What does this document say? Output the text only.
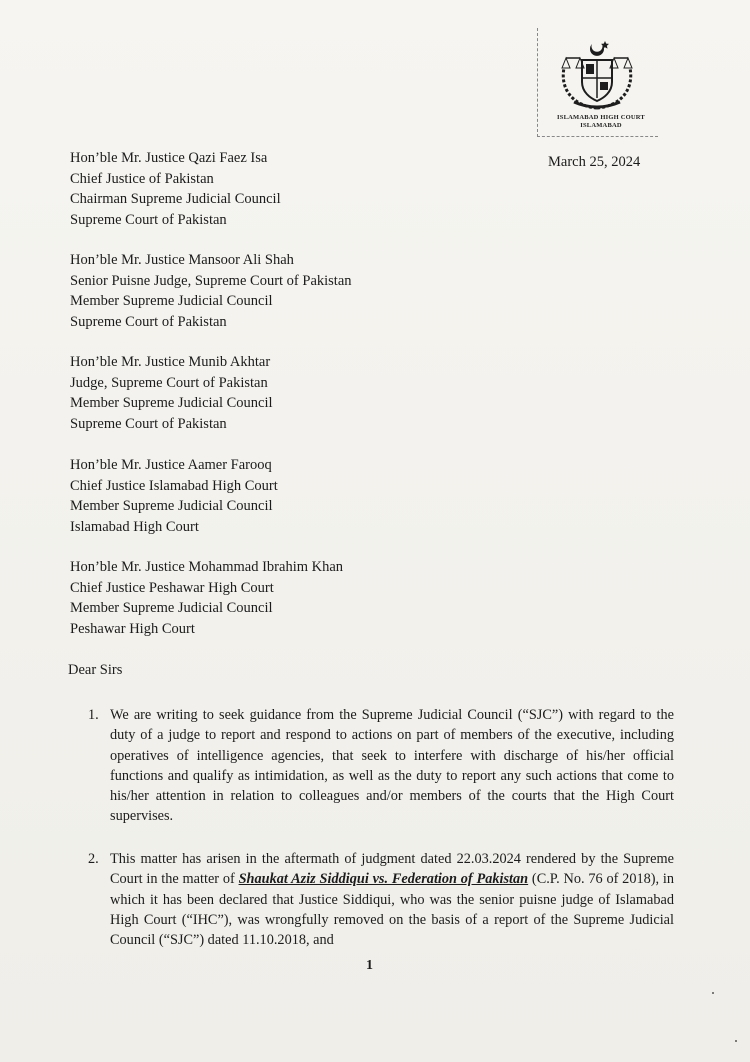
ISLAMABAD HIGH COURT
ISLAMABAD
March 25, 2024
Hon’ble Mr. Justice Qazi Faez Isa
Chief Justice of Pakistan
Chairman Supreme Judicial Council
Supreme Court of Pakistan
Hon’ble Mr. Justice Mansoor Ali Shah
Senior Puisne Judge, Supreme Court of Pakistan
Member Supreme Judicial Council
Supreme Court of Pakistan
Hon’ble Mr. Justice Munib Akhtar
Judge, Supreme Court of Pakistan
Member Supreme Judicial Council
Supreme Court of Pakistan
Hon’ble Mr. Justice Aamer Farooq
Chief Justice Islamabad High Court
Member Supreme Judicial Council
Islamabad High Court
Hon’ble Mr. Justice Mohammad Ibrahim Khan
Chief Justice Peshawar High Court
Member Supreme Judicial Council
Peshawar High Court
Dear Sirs
1. We are writing to seek guidance from the Supreme Judicial Council (“SJC”) with regard to the duty of a judge to report and respond to actions on part of members of the executive, including operatives of intelligence agencies, that seek to interfere with discharge of his/her official functions and qualify as intimidation, as well as the duty to report any such actions that come to his/her attention in relation to colleagues and/or members of the courts that the High Court supervises.
2. This matter has arisen in the aftermath of judgment dated 22.03.2024 rendered by the Supreme Court in the matter of Shaukat Aziz Siddiqui vs. Federation of Pakistan (C.P. No. 76 of 2018), in which it has been declared that Justice Siddiqui, who was the senior puisne judge of Islamabad High Court (“IHC”), was wrongfully removed on the basis of a report of the Supreme Judicial Council (“SJC”) dated 11.10.2018, and
1
